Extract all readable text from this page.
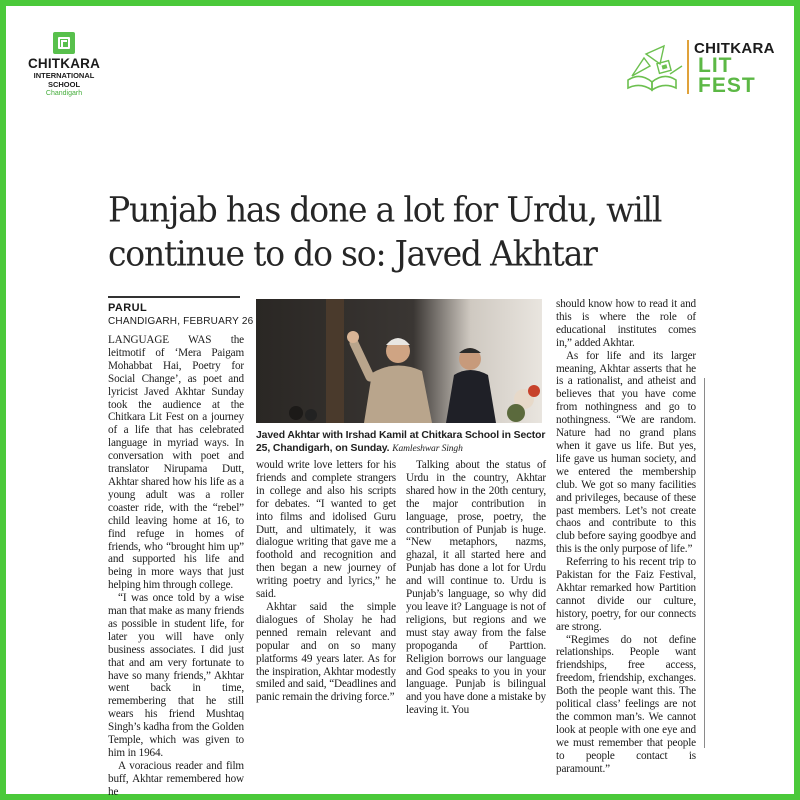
CHITKARA
INTERNATIONAL
SCHOOL
Chandigarh
CHITKARA
LIT
FEST
Punjab has done a lot for Urdu, will continue to do so: Javed Akhtar
PARUL
CHANDIGARH, FEBRUARY 26

LANGUAGE WAS the leitmotif of ‘Mera Paigam Mohabbat Hai, Poetry for Social Change’, as poet and lyricist Javed Akhtar Sunday took the audience at the Chitkara Lit Fest on a journey of a life that has celebrated language in myriad ways. In conversation with poet and translator Nirupama Dutt, Akhtar shared how his life as a young adult was a roller coaster ride, with the “rebel” child leaving home at 16, to find refuge in homes of friends, who “brought him up” and supported his life and being in more ways that just helping him through college.

“I was once told by a wise man that make as many friends as possible in student life, for later you will have only business associates. I did just that and am very fortunate to have so many friends,” Akhtar went back in time, remembering that he still wears his friend Mushtaq Singh’s kadha from the Golden Temple, which was given to him in 1964.

A voracious reader and film buff, Akhtar remembered how he

Javed Akhtar with Irshad Kamil at Chitkara School in Sector 25, Chandigarh, on Sunday. Kamleshwar Singh

would write love letters for his friends and complete strangers in college and also his scripts for debates. “I wanted to get into films and idolised Guru Dutt, and ultimately, it was dialogue writing that gave me a foothold and recognition and then began a new journey of writing poetry and lyrics,” he said.

Akhtar said the simple dialogues of Sholay he had penned remain relevant and popular and on so many platforms 49 years later. As for the inspiration, Akhtar modestly smiled and said, “Deadlines and panic remain the driving force.”

Talking about the status of Urdu in the country, Akhtar shared how in the 20th century, the major contribution in language, prose, poetry, the contribution of Punjab is huge. “New metaphors, nazms, ghazal, it all started here and Punjab has done a lot for Urdu and will continue to. Urdu is Punjab’s language, so why did you leave it? Language is not of religions, but regions and we must stay away from the false propoganda of Parttion. Religion borrows our language and God speaks to you in your language. Punjab is bilingual and you have done a mistake by leaving it. You

should know how to read it and this is where the role of educational institutes comes in,” added Akhtar.

As for life and its larger meaning, Akhtar asserts that he is a rationalist, and atheist and believes that you have come from nothingness and go to nothingness. “We are random. Nature had no grand plans when it gave us life. But yes, life gave us human society, and we entered the membership club. We got so many facilities and privileges, because of these past members. Let’s not create chaos and contribute to this club before saying goodbye and this is the only purpose of life.”

Referring to his recent trip to Pakistan for the Faiz Festival, Akhtar remarked how Partition cannot divide our culture, history, poetry, for our connects are strong.

“Regimes do not define relationships. People want friendships, free access, freedom, friendship, exchanges. Both the people want this. The political class’ feelings are not the common man’s. We cannot look at people with one eye and we must remember that people to people contact is paramount.”
